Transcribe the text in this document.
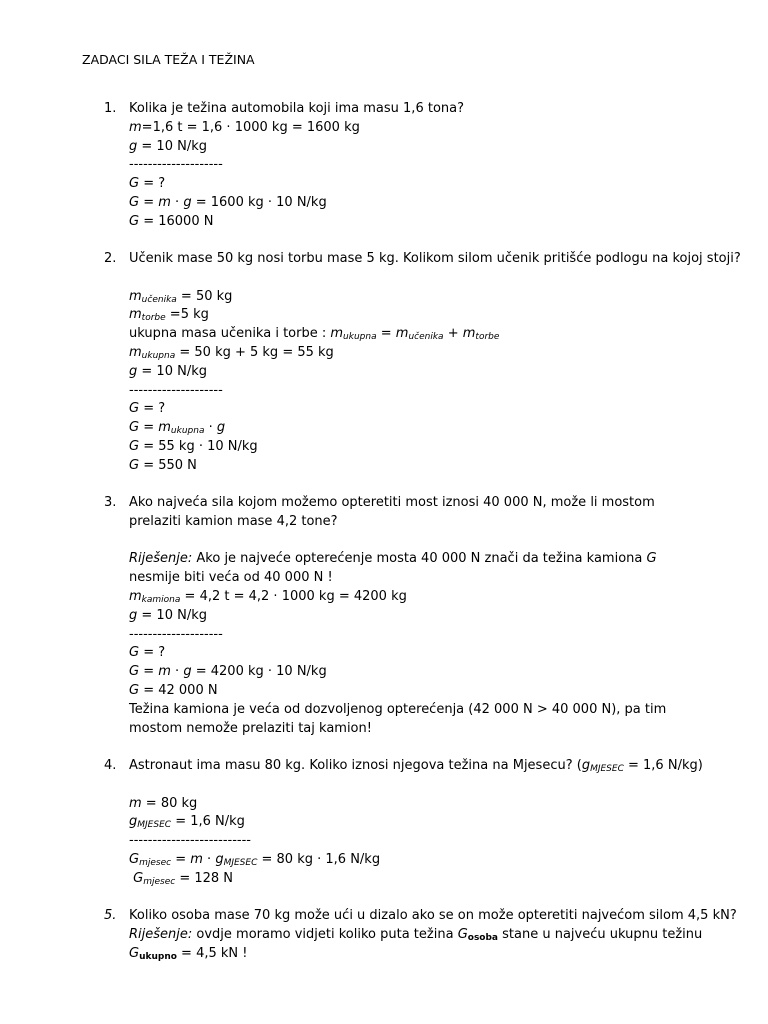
ZADACI SILA TEŽA I TEŽINA
1. Kolika je težina automobila koji ima masu 1,6 tona?
m=1,6 t = 1,6 · 1000 kg = 1600 kg
g = 10 N/kg
--------------------
G = ?
G = m · g = 1600 kg · 10 N/kg
G = 16000 N
2. Učenik mase 50 kg nosi torbu mase 5 kg. Kolikom silom učenik pritišće podlogu na kojoj stoji?
mučenika = 50 kg
mtorbe =5 kg
ukupna masa učenika i torbe : mukupna = mučenika + mtorbe
mukupna = 50 kg + 5 kg = 55 kg
g = 10 N/kg
--------------------
G = ?
G = mukupna · g
G = 55 kg · 10 N/kg
G = 550 N
3. Ako najveća sila kojom možemo opteretiti most iznosi 40 000 N, može li mostom prelaziti kamion mase 4,2 tone?
Riješenje: Ako je najveće opterećenje mosta 40 000 N znači da težina kamiona G nesmije biti veća od 40 000 N !
mkamiona = 4,2 t = 4,2 · 1000 kg = 4200 kg
g = 10 N/kg
--------------------
G = ?
G = m · g = 4200 kg · 10 N/kg
G = 42 000 N
Težina kamiona je veća od dozvoljenog opterećenja (42 000 N > 40 000 N), pa tim mostom nemože prelaziti taj kamion!
4. Astronaut ima masu 80 kg. Koliko iznosi njegova težina na Mjesecu? (gMJESEC = 1,6 N/kg)
m = 80 kg
gMJESEC = 1,6 N/kg
--------------------------
Gmjesec = m · gMJESEC = 80 kg · 1,6 N/kg
Gmjesec = 128 N
5. Koliko osoba mase 70 kg može ući u dizalo ako se on može opteretiti najvećom silom 4,5 kN?
Riješenje: ovdje moramo vidjeti koliko puta težina Gosoba stane u najveću ukupnu težinu
Gukupno = 4,5 kN !
